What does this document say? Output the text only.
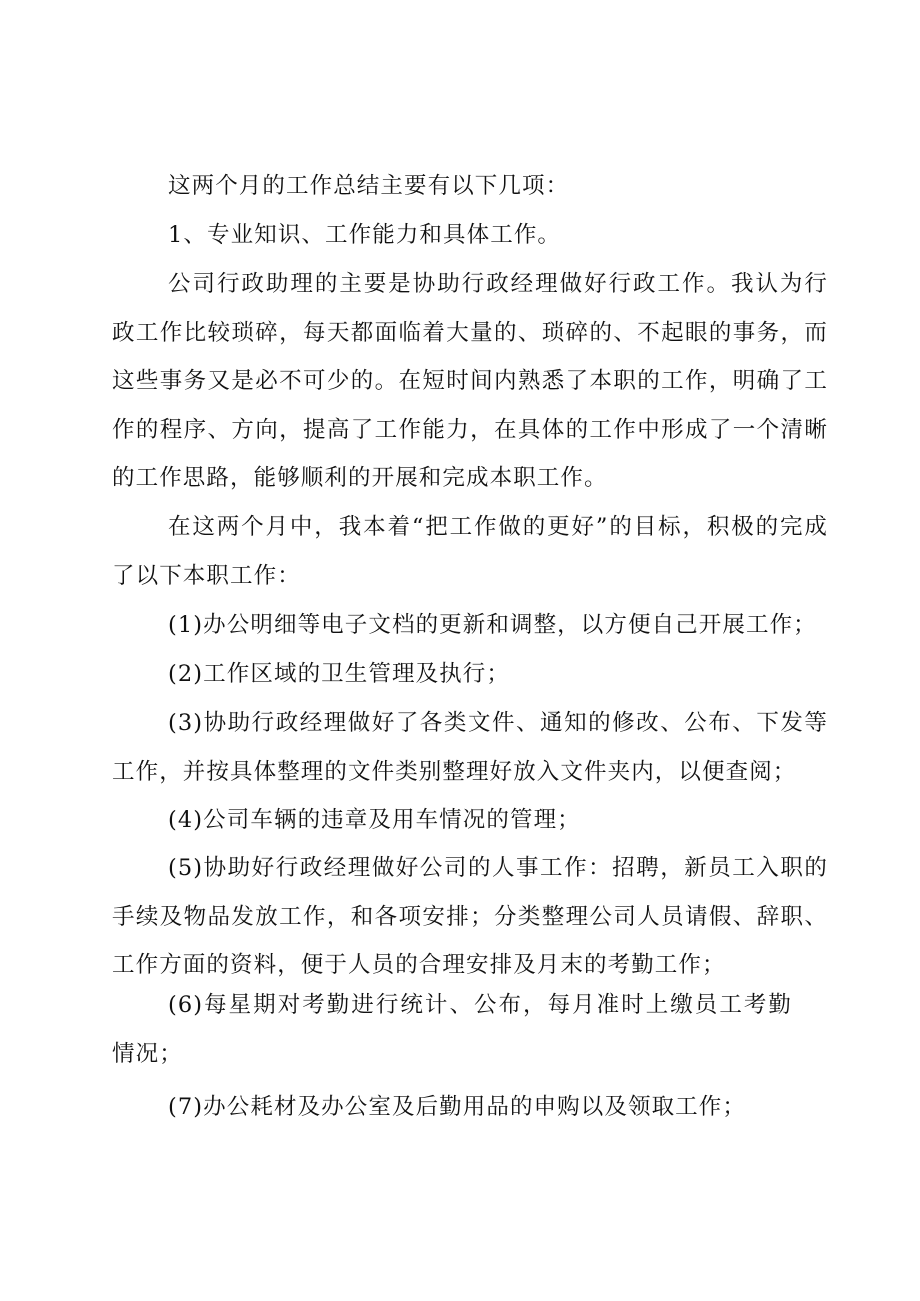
这两个月的工作总结主要有以下几项：

1、专业知识、工作能力和具体工作。

公司行政助理的主要是协助行政经理做好行政工作。我认为行政工作比较琐碎，每天都面临着大量的、琐碎的、不起眼的事务，而这些事务又是必不可少的。在短时间内熟悉了本职的工作，明确了工作的程序、方向，提高了工作能力，在具体的工作中形成了一个清晰的工作思路，能够顺利的开展和完成本职工作。

在这两个月中，我本着“把工作做的更好”的目标，积极的完成了以下本职工作：

(1)办公明细等电子文档的更新和调整，以方便自己开展工作；

(2)工作区域的卫生管理及执行；

(3)协助行政经理做好了各类文件、通知的修改、公布、下发等工作，并按具体整理的文件类别整理好放入文件夹内，以便查阅；

(4)公司车辆的违章及用车情况的管理；

(5)协助好行政经理做好公司的人事工作：招聘，新员工入职的手续及物品发放工作，和各项安排；分类整理公司人员请假、辞职、工作方面的资料，便于人员的合理安排及月末的考勤工作；

(6)每星期对考勤进行统计、公布，每月准时上缴员工考勤情况；

(7)办公耗材及办公室及后勤用品的申购以及领取工作；
